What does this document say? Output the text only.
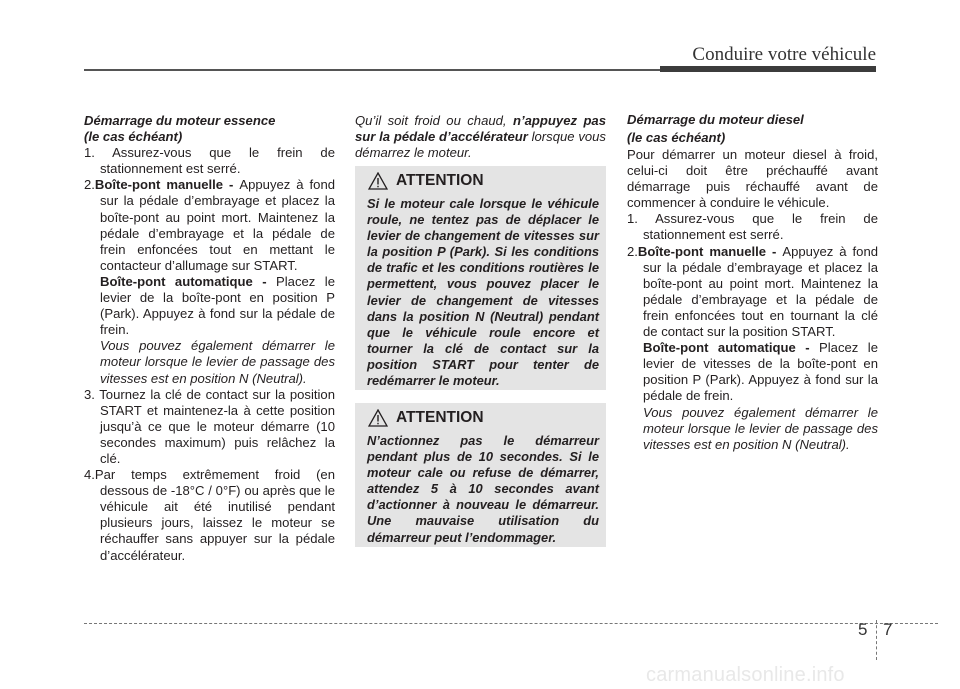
Conduire votre véhicule
Démarrage du moteur essence
(le cas échéant)

1. Assurez-vous que le frein de stationnement est serré.

2.Boîte-pont manuelle - Appuyez à fond sur la pédale d’embrayage et placez la boîte-pont au point mort. Maintenez la pédale d’embrayage et la pédale de frein enfoncées tout en mettant le contacteur d’allumage sur START.

Boîte-pont automatique - Placez le levier de la boîte-pont en position P (Park). Appuyez à fond sur la pédale de frein.

Vous pouvez également démarrer le moteur lorsque le levier de passage des vitesses est en position N (Neutral).

3. Tournez la clé de contact sur la position START et maintenez-la à cette position jusqu’à ce que le moteur démarre (10 secondes maximum) puis relâchez la clé.

4.Par temps extrêmement froid (en dessous de -18°C / 0°F) ou après que le véhicule ait été inutilisé pendant plusieurs jours, laissez le moteur se réchauffer sans appuyer sur la pédale d’accélérateur.

Qu’il soit froid ou chaud, n’appuyez pas sur la pédale d’accélérateur lorsque vous démarrez le moteur.

ATTENTION

Si le moteur cale lorsque le véhicule roule, ne tentez pas de déplacer le levier de changement de vitesses sur la position P (Park). Si les conditions de trafic et les conditions routières le permettent, vous pouvez placer le levier de changement de vitesses dans la position N (Neutral) pendant que le véhicule roule encore et tourner la clé de contact sur la position START pour tenter de redémarrer le moteur.

ATTENTION

N’actionnez pas le démarreur pendant plus de 10 secondes. Si le moteur cale ou refuse de démarrer, attendez 5 à 10 secondes avant d’actionner à nouveau le démarreur. Une mauvaise utilisation du démarreur peut l’endommager.

Démarrage du moteur diesel
(le cas échéant)

Pour démarrer un moteur diesel à froid, celui-ci doit être préchauffé avant démarrage puis réchauffé avant de commencer à conduire le véhicule.

1. Assurez-vous que le frein de stationnement est serré.

2.Boîte-pont manuelle - Appuyez à fond sur la pédale d’embrayage et placez la boîte-pont au point mort. Maintenez la pédale d’embrayage et la pédale de frein enfoncées tout en tournant la clé de contact sur la position START.

Boîte-pont automatique - Placez le levier de vitesses de la boîte-pont en position P (Park). Appuyez à fond sur la pédale de frein.

Vous pouvez également démarrer le moteur lorsque le levier de passage des vitesses est en position N (Neutral).

5 7
carmanualsonline.info
